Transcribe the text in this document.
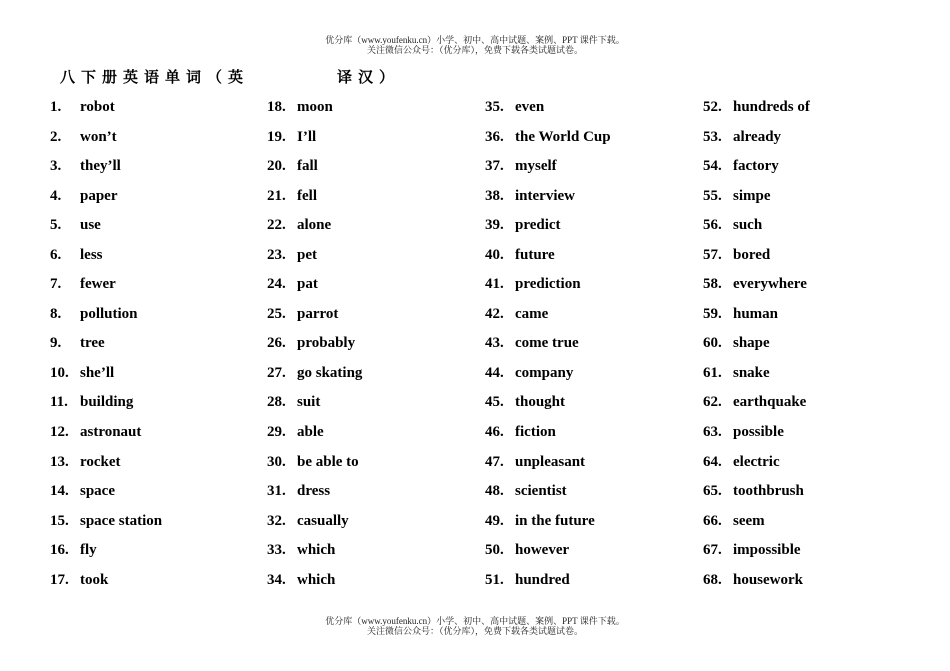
优分库（www.youfenku.cn）小学、初中、高中试题、案例、PPT 课件下载。
关注微信公众号：（优分库），免费下载各类试题试卷。
八下册英语单词（英	译汉）
1. robot
2. won’t
3. they’ll
4. paper
5. use
6. less
7. fewer
8. pollution
9. tree
10. she’ll
11. building
12. astronaut
13. rocket
14. space
15. space station
16. fly
17. took
18. moon
19. I’ll
20. fall
21. fell
22. alone
23. pet
24. pat
25. parrot
26. probably
27. go skating
28. suit
29. able
30. be able to
31. dress
32. casually
33. which
34. which
35. even
36. the World Cup
37. myself
38. interview
39. predict
40. future
41. prediction
42. came
43. come true
44. company
45. thought
46. fiction
47. unpleasant
48. scientist
49. in the future
50. however
51. hundred
52. hundreds of
53. already
54. factory
55. simpe
56. such
57. bored
58. everywhere
59. human
60. shape
61. snake
62. earthquake
63. possible
64. electric
65. toothbrush
66. seem
67. impossible
68. housework
优分库（www.youfenku.cn）小学、初中、高中试题、案例、PPT 课件下载。
关注微信公众号：（优分库），免费下载各类试题试卷。
